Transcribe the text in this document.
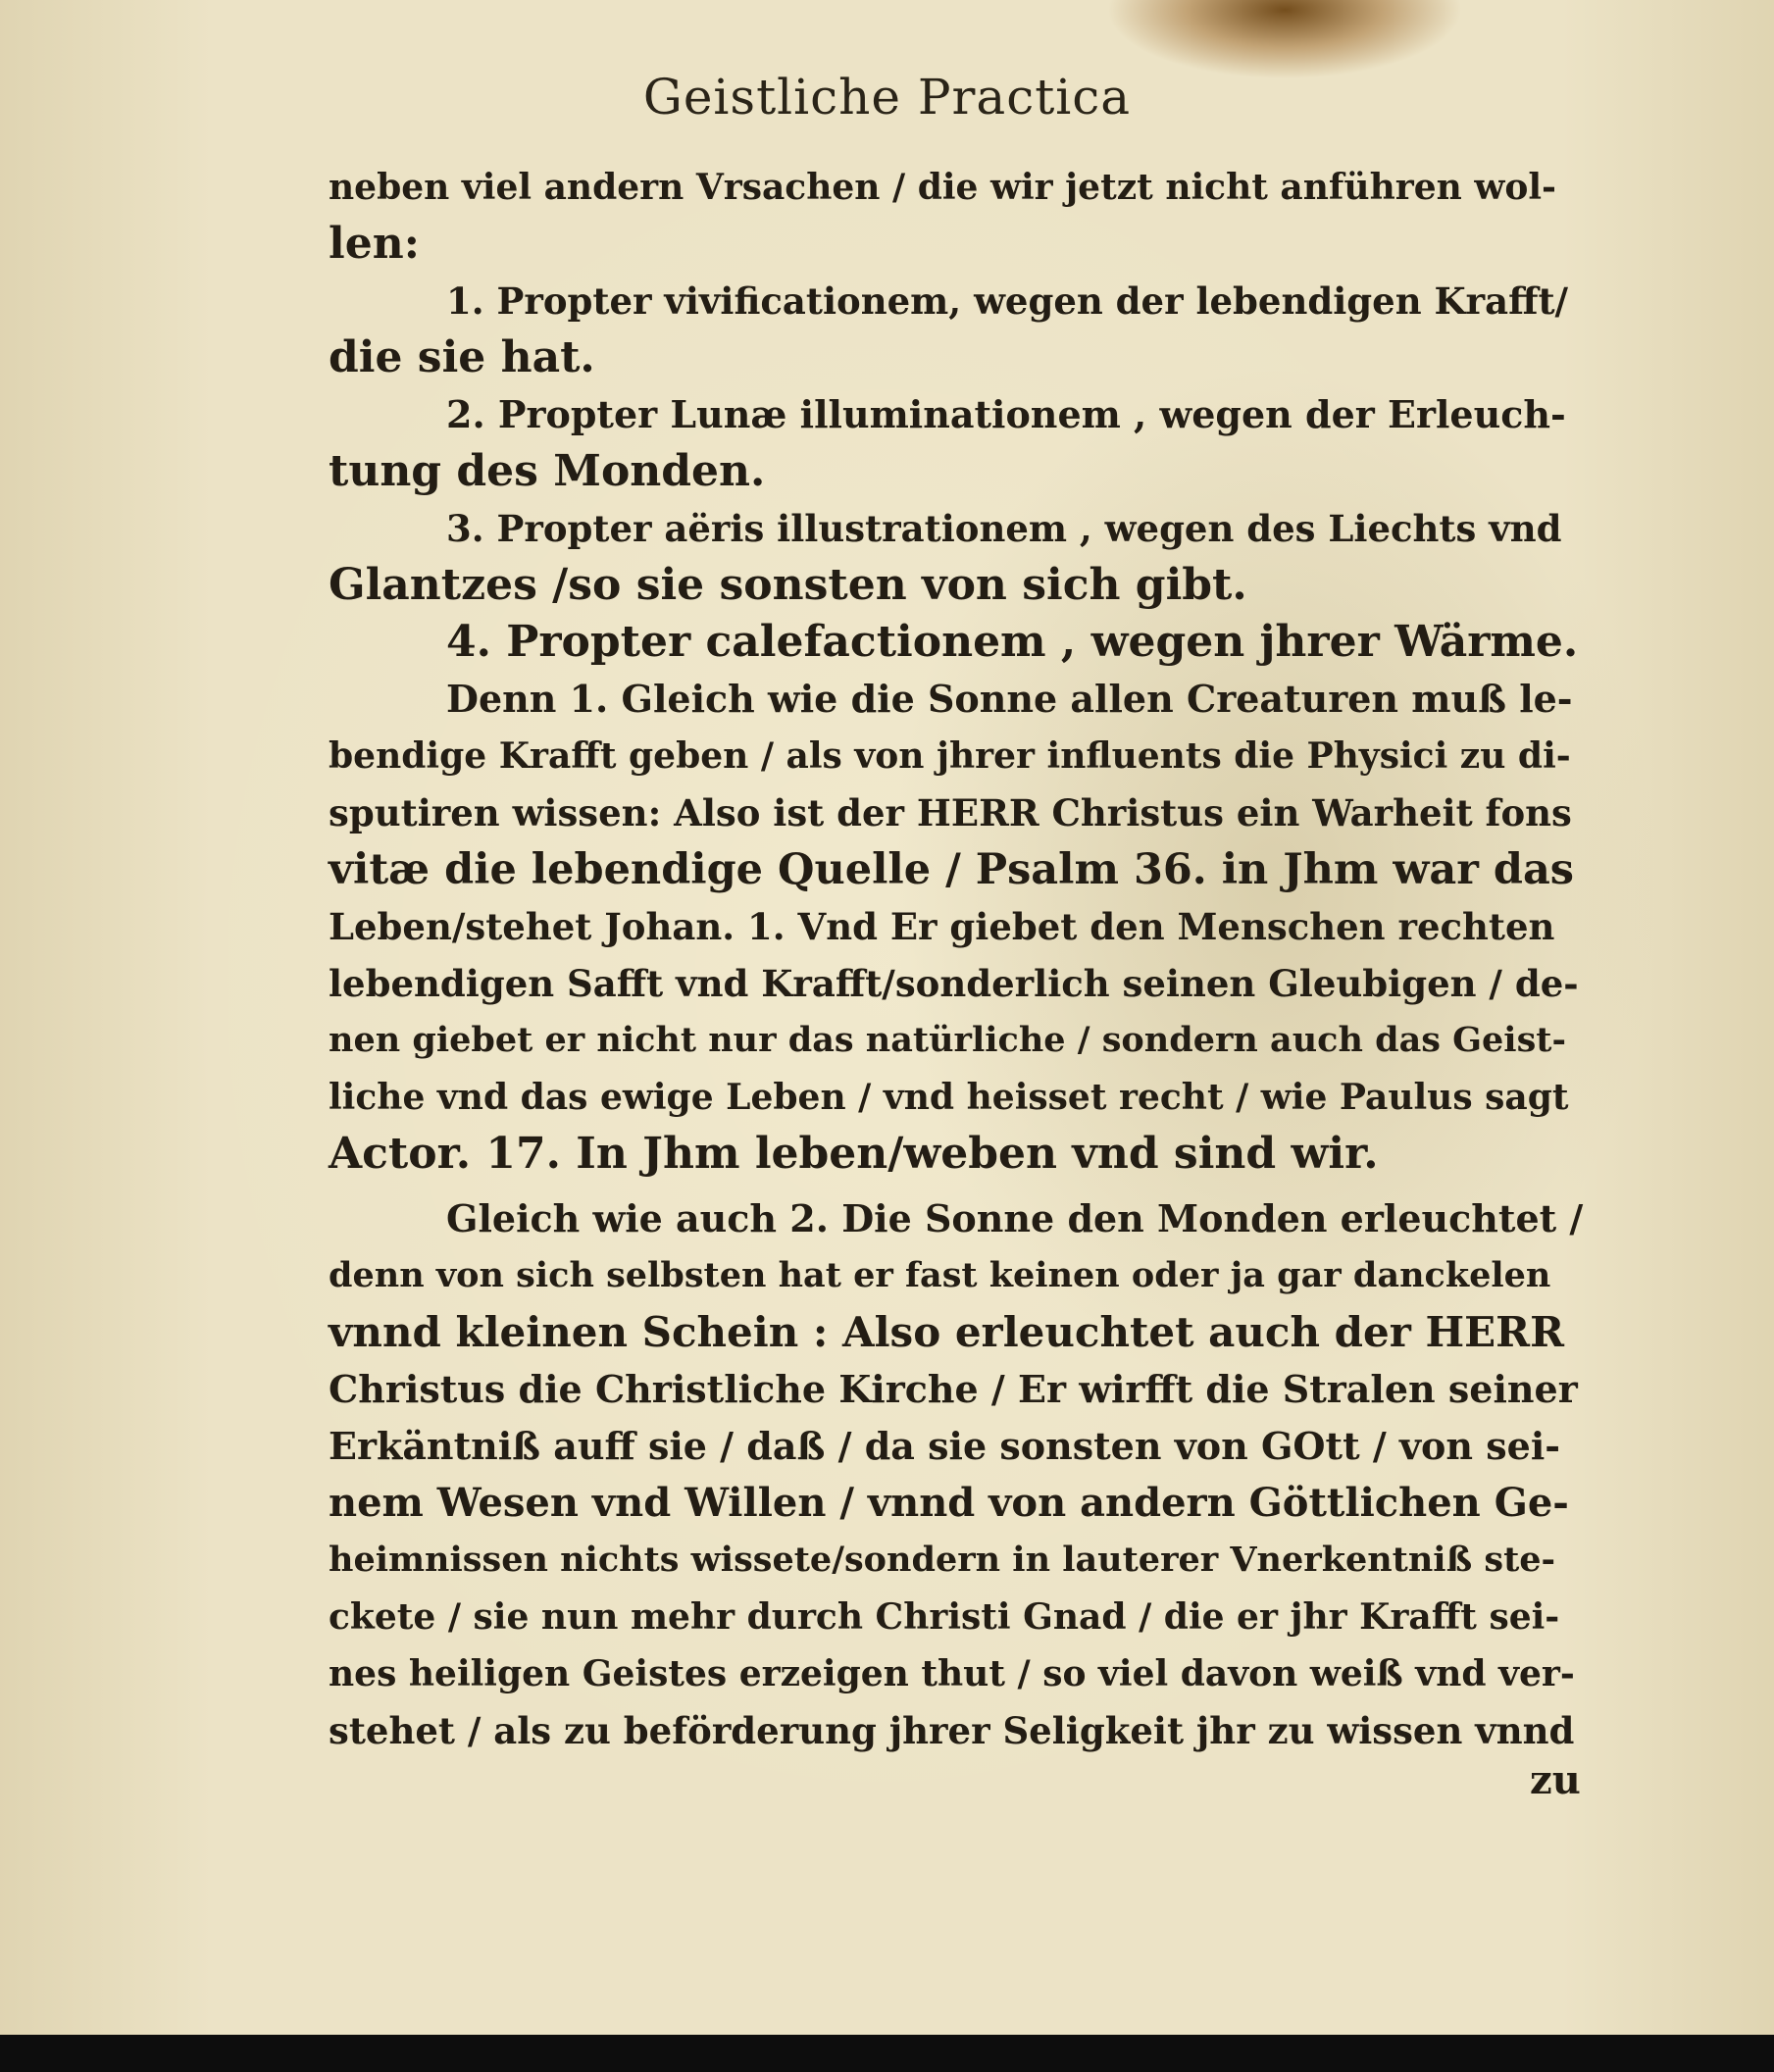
Geistliche Practica
neben viel andern Vrsachen / die wir jetzt nicht anführen wol-
len:
1. Propter vivificationem, wegen der lebendigen Krafft/
die sie hat.
2. Propter Lunæ illuminationem , wegen der Erleuch-
tung des Monden.
3. Propter aëris illustrationem , wegen des Liechts vnd
Glantzes /so sie sonsten von sich gibt.
4. Propter calefactionem , wegen jhrer Wärme.
Denn 1. Gleich wie die Sonne allen Creaturen muß le-
bendige Krafft geben / als von jhrer influents die Physici zu di-
sputiren wissen: Also ist der HERR Christus ein Warheit fons
vitæ die lebendige Quelle / Psalm 36. in Jhm war das
Leben/stehet Johan. 1. Vnd Er giebet den Menschen rechten
lebendigen Safft vnd Krafft/sonderlich seinen Gleubigen / de-
nen giebet er nicht nur das natürliche / sondern auch das Geist-
liche vnd das ewige Leben / vnd heisset recht / wie Paulus sagt
Actor. 17. In Jhm leben/weben vnd sind wir.
Gleich wie auch 2. Die Sonne den Monden erleuchtet /
denn von sich selbsten hat er fast keinen oder ja gar danckelen
vnnd kleinen Schein : Also erleuchtet auch der HERR
Christus die Christliche Kirche / Er wirfft die Stralen seiner
Erkäntniß auff sie / daß / da sie sonsten von GOtt / von sei-
nem Wesen vnd Willen / vnnd von andern Göttlichen Ge-
heimnissen nichts wissete/sondern in lauterer Vnerkentniß ste-
ckete / sie nun mehr durch Christi Gnad / die er jhr Krafft sei-
nes heiligen Geistes erzeigen thut / so viel davon weiß vnd ver-
stehet / als zu beförderung jhrer Seligkeit jhr zu wissen vnnd
zu
